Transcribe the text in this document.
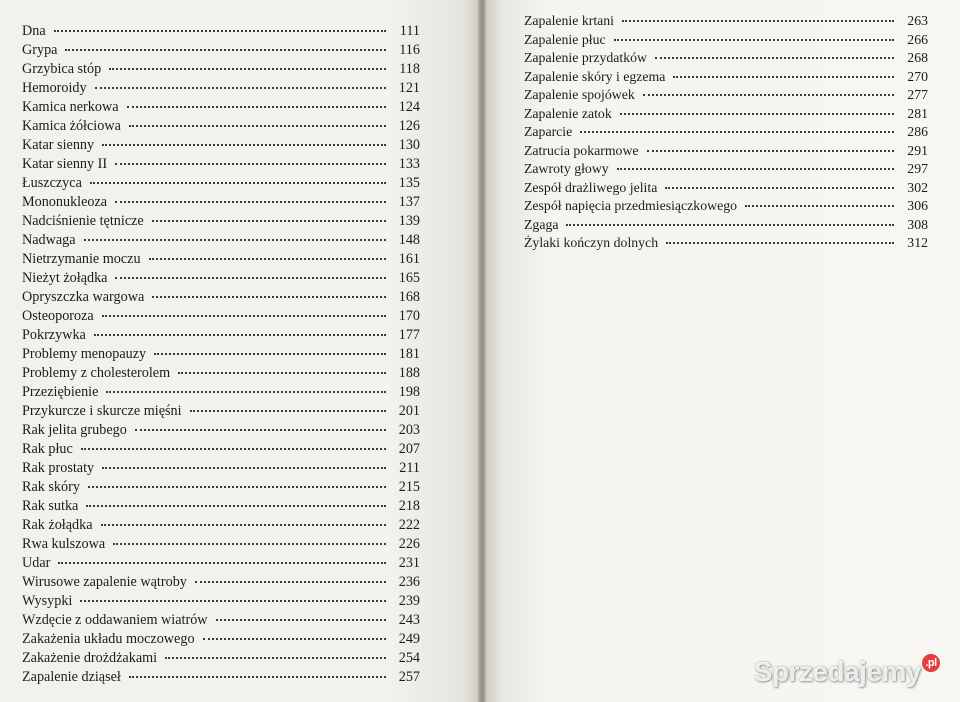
Dna	111
Grypa	116
Grzybica stóp	118
Hemoroidy	121
Kamica nerkowa	124
Kamica żółciowa	126
Katar sienny	130
Katar sienny II	133
Łuszczyca	135
Mononukleoza	137
Nadciśnienie tętnicze	139
Nadwaga	148
Nietrzymanie moczu	161
Nieżyt żołądka	165
Opryszczka wargowa	168
Osteoporoza	170
Pokrzywka	177
Problemy menopauzy	181
Problemy z cholesterolem	188
Przeziębienie	198
Przykurcze i skurcze mięśni	201
Rak jelita grubego	203
Rak płuc	207
Rak prostaty	211
Rak skóry	215
Rak sutka	218
Rak żołądka	222
Rwa kulszowa	226
Udar	231
Wirusowe zapalenie wątroby	236
Wysypki	239
Wzdęcie z oddawaniem wiatrów	243
Zakażenia układu moczowego	249
Zakażenie drożdżakami	254
Zapalenie dziąseł	257
Zapalenie krtani	263
Zapalenie płuc	266
Zapalenie przydatków	268
Zapalenie skóry i egzema	270
Zapalenie spojówek	277
Zapalenie zatok	281
Zaparcie	286
Zatrucia pokarmowe	291
Zawroty głowy	297
Zespół drażliwego jelita	302
Zespół napięcia przedmiesiączkowego	306
Zgaga	308
Żylaki kończyn dolnych	312
Sprzedajemy .pl
